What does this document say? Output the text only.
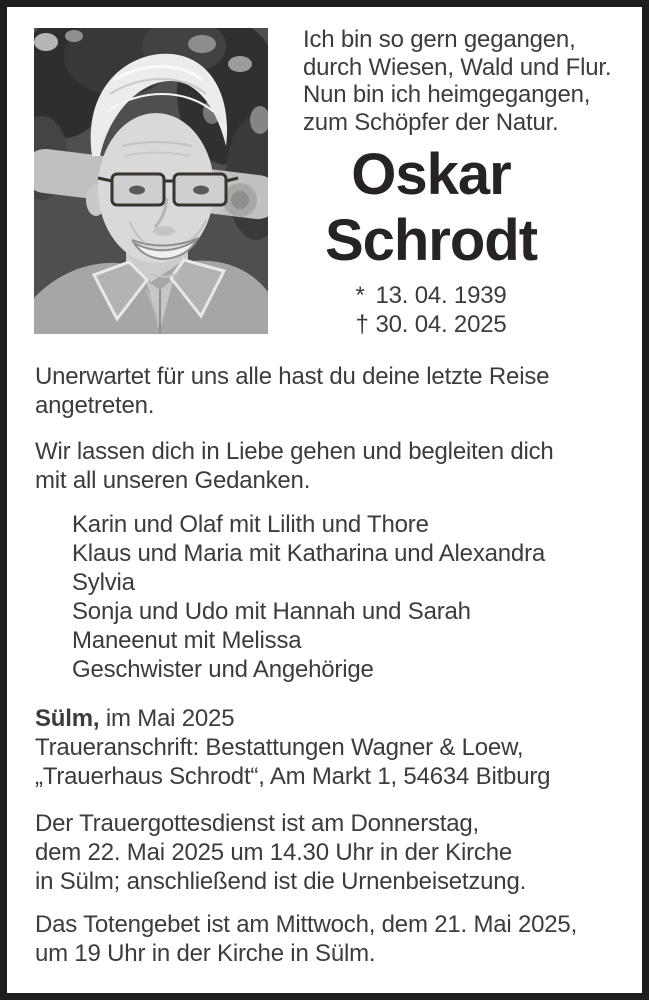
Ich bin so gern gegangen,
durch Wiesen, Wald und Flur.
Nun bin ich heimgegangen,
zum Schöpfer der Natur.
Oskar
Schrodt
* 13. 04. 1939
† 30. 04. 2025
Unerwartet für uns alle hast du deine letzte Reise
angetreten.
Wir lassen dich in Liebe gehen und begleiten dich
mit all unseren Gedanken.
Karin und Olaf mit Lilith und Thore
Klaus und Maria mit Katharina und Alexandra
Sylvia
Sonja und Udo mit Hannah und Sarah
Maneenut mit Melissa
Geschwister und Angehörige
Sülm, im Mai 2025
Traueranschrift: Bestattungen Wagner & Loew,
„Trauerhaus Schrodt“, Am Markt 1, 54634 Bitburg
Der Trauergottesdienst ist am Donnerstag,
dem 22. Mai 2025 um 14.30 Uhr in der Kirche
in Sülm; anschließend ist die Urnenbeisetzung.
Das Totengebet ist am Mittwoch, dem 21. Mai 2025,
um 19 Uhr in der Kirche in Sülm.
